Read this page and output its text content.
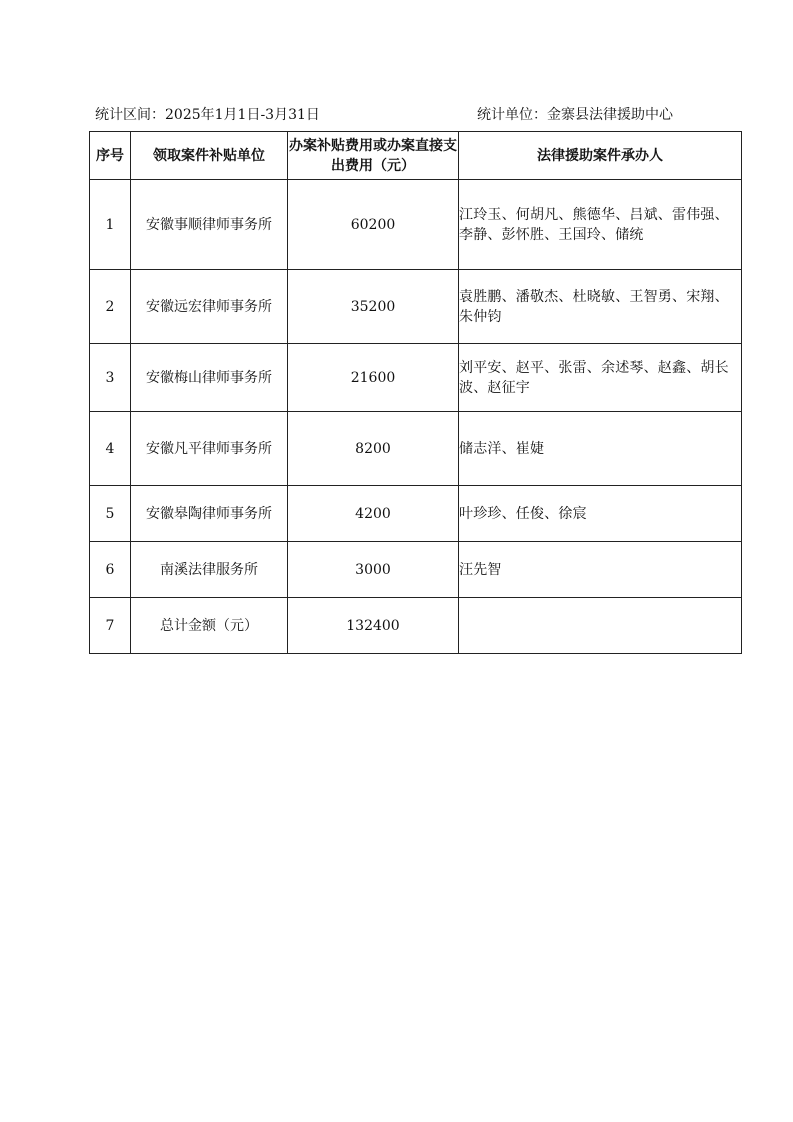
统计区间：2025年1月1日-3月31日	统计单位：金寨县法律援助中心
序号	领取案件补贴单位	办案补贴费用或办案直接支出费用（元）	法律援助案件承办人
1	安徽事顺律师事务所	60200	江玲玉、何胡凡、熊德华、吕斌、雷伟强、李静、彭怀胜、王国玲、储统
2	安徽远宏律师事务所	35200	袁胜鹏、潘敬杰、杜晓敏、王智勇、宋翔、朱仲钧
3	安徽梅山律师事务所	21600	刘平安、赵平、张雷、余述琴、赵鑫、胡长波、赵征宇
4	安徽凡平律师事务所	8200	储志洋、崔婕
5	安徽皋陶律师事务所	4200	叶珍珍、任俊、徐宸
6	南溪法律服务所	3000	汪先智
7	总计金额（元）	132400	
